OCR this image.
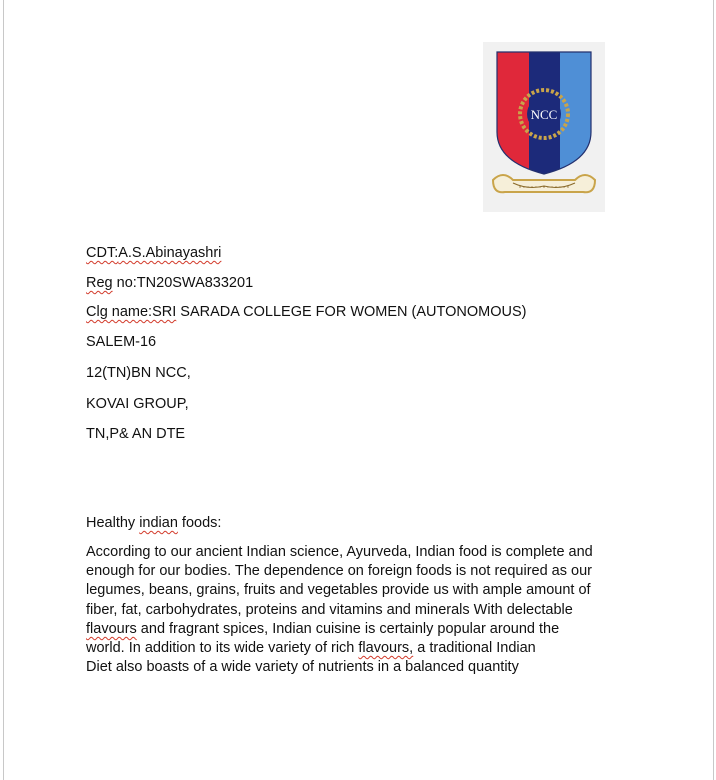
NCC
CDT:A.S.Abinayashri
Reg no:TN20SWA833201
Clg name:SRI SARADA COLLEGE FOR WOMEN (AUTONOMOUS)
SALEM-16
12(TN)BN NCC,
KOVAI GROUP,
TN,P& AN DTE
Healthy indian foods:
According to our ancient Indian science, Ayurveda, Indian food is complete and
enough for our bodies. The dependence on foreign foods is not required as our
legumes, beans, grains, fruits and vegetables provide us with ample amount of
fiber, fat, carbohydrates, proteins and vitamins and minerals With delectable
flavours and fragrant spices, Indian cuisine is certainly popular around the
world. In addition to its wide variety of rich flavours, a traditional Indian
Diet also boasts of a wide variety of nutrients in a balanced quantity
